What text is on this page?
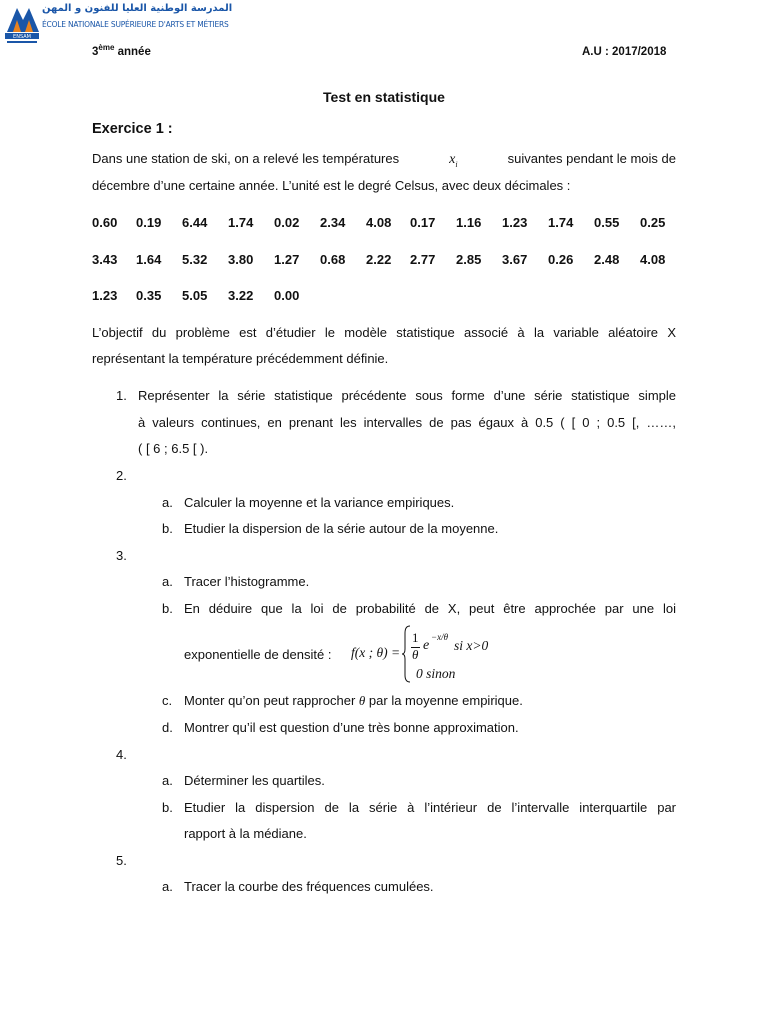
ENSAM
المدرسة الوطنية العليا للفنون و المهن
ÉCOLE NATIONALE SUPÉRIEURE D'ARTS ET MÉTIERS
3ème année	A.U : 2017/2018
Test en statistique
Exercice 1 :
Dans une station de ski, on a relevé les températures	$x_i$	suivantes pendant le mois de
décembre d’une certaine année. L’unité est le degré Celsus, avec deux décimales :
0.60 0.19 6.44 1.74 0.02 2.34 4.08 0.17 1.16 1.23 1.74 0.55 0.25
3.43 1.64 5.32 3.80 1.27 0.68 2.22 2.77 2.85 3.67 0.26 2.48 4.08
1.23 0.35 5.05 3.22 0.00
L’objectif du problème est d’étudier le modèle statistique associé à la variable aléatoire X
représentant la température précédemment définie.
1. Représenter la série statistique précédente sous forme d’une série statistique simple
à valeurs continues, en prenant les intervalles de pas égaux à 0.5 ( [ 0 ; 0.5 [, ……,
( [ 6 ; 6.5 [ ).
2.
a. Calculer la moyenne et la variance empiriques.
b. Etudier la dispersion de la série autour de la moyenne.
3.
a. Tracer l’histogramme.
b. En déduire que la loi de probabilité de X, peut être approchée par une loi
exponentielle de densité : f(x ; θ) =
1
θ
e
−x/θ
si x>0
0 sinon
c. Monter qu’on peut rapprocher θ par la moyenne empirique.
d. Montrer qu’il est question d’une très bonne approximation.
4.
a. Déterminer les quartiles.
b. Etudier la dispersion de la série à l’intérieur de l’intervalle interquartile par
rapport à la médiane.
5.
a. Tracer la courbe des fréquences cumulées.
